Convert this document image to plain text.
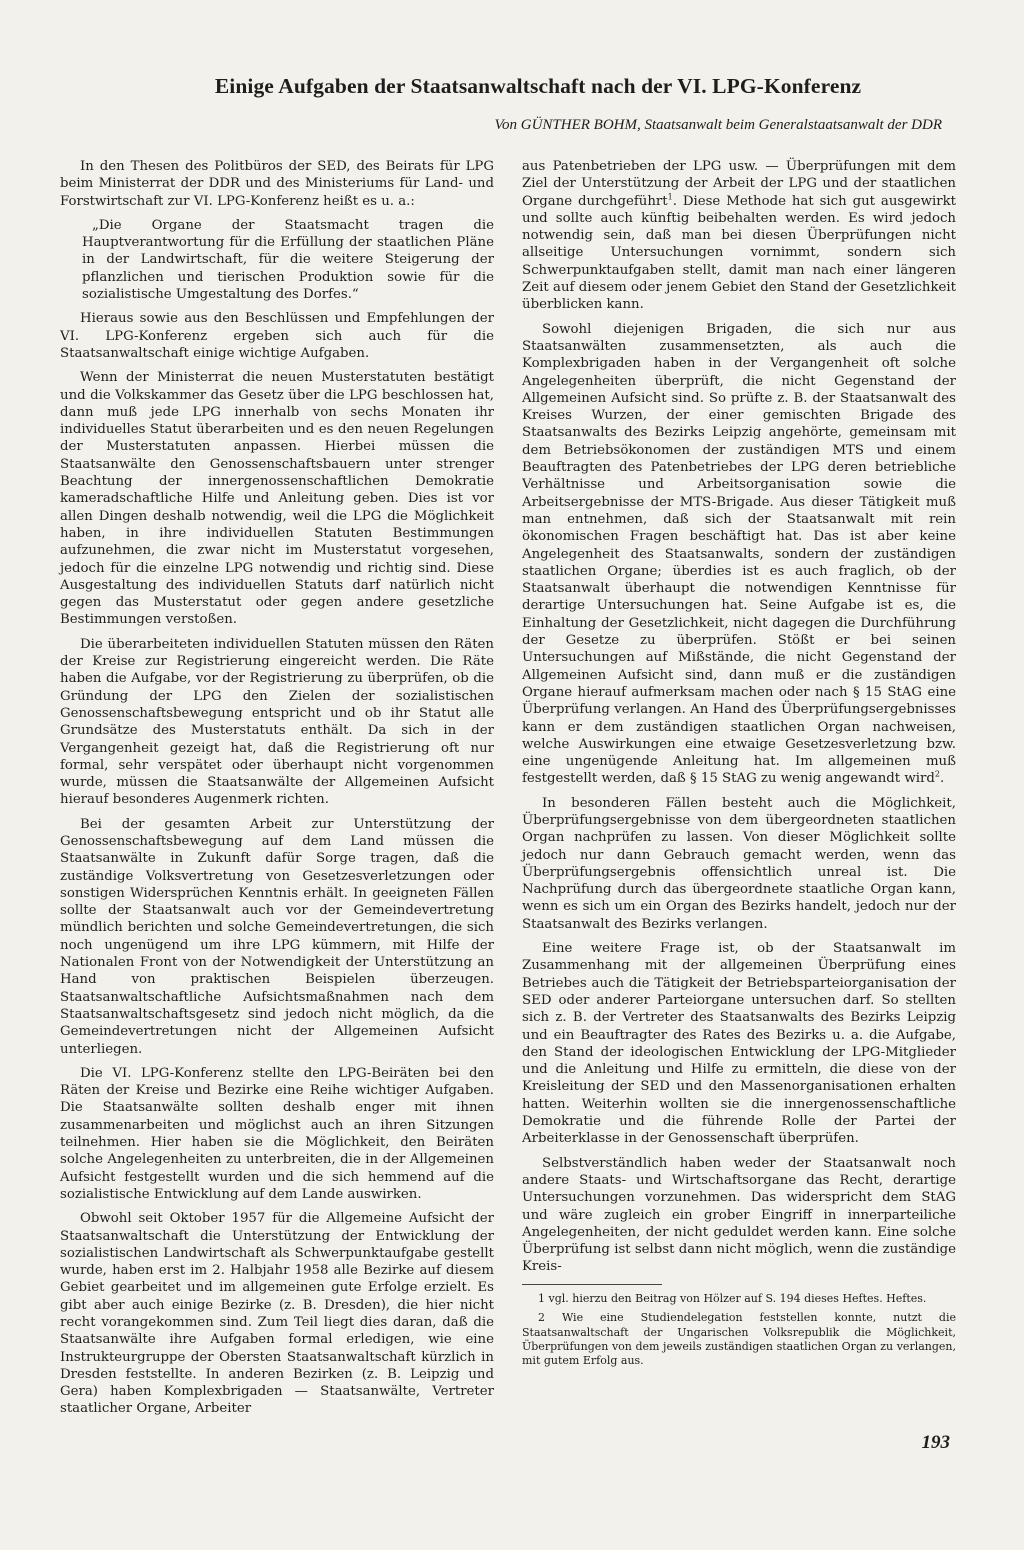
Einige Aufgaben der Staatsanwaltschaft nach der VI. LPG-Konferenz
Von GÜNTHER BOHM, Staatsanwalt beim Generalstaatsanwalt der DDR

In den Thesen des Politbüros der SED, des Beirats für LPG beim Ministerrat der DDR und des Ministeriums für Land- und Forstwirtschaft zur VI. LPG-Konferenz heißt es u. a.:

„Die Organe der Staatsmacht tragen die Hauptverantwortung für die Erfüllung der staatlichen Pläne in der Landwirtschaft, für die weitere Steigerung der pflanzlichen und tierischen Produktion sowie für die sozialistische Umgestaltung des Dorfes.“

Hieraus sowie aus den Beschlüssen und Empfehlungen der VI. LPG-Konferenz ergeben sich auch für die Staatsanwaltschaft einige wichtige Aufgaben.

Wenn der Ministerrat die neuen Musterstatuten bestätigt und die Volkskammer das Gesetz über die LPG beschlossen hat, dann muß jede LPG innerhalb von sechs Monaten ihr individuelles Statut überarbeiten und es den neuen Regelungen der Musterstatuten anpassen. Hierbei müssen die Staatsanwälte den Genossenschaftsbauern unter strenger Beachtung der innergenossenschaftlichen Demokratie kameradschaftliche Hilfe und Anleitung geben. Dies ist vor allen Dingen deshalb notwendig, weil die LPG die Möglichkeit haben, in ihre individuellen Statuten Bestimmungen aufzunehmen, die zwar nicht im Musterstatut vorgesehen, jedoch für die einzelne LPG notwendig und richtig sind. Diese Ausgestaltung des individuellen Statuts darf natürlich nicht gegen das Musterstatut oder gegen andere gesetzliche Bestimmungen verstoßen.

Die überarbeiteten individuellen Statuten müssen den Räten der Kreise zur Registrierung eingereicht werden. Die Räte haben die Aufgabe, vor der Registrierung zu überprüfen, ob die Gründung der LPG den Zielen der sozialistischen Genossenschaftsbewegung entspricht und ob ihr Statut alle Grundsätze des Musterstatuts enthält. Da sich in der Vergangenheit gezeigt hat, daß die Registrierung oft nur formal, sehr verspätet oder überhaupt nicht vorgenommen wurde, müssen die Staatsanwälte der Allgemeinen Aufsicht hierauf besonderes Augenmerk richten.

Bei der gesamten Arbeit zur Unterstützung der Genossenschaftsbewegung auf dem Land müssen die Staatsanwälte in Zukunft dafür Sorge tragen, daß die zuständige Volksvertretung von Gesetzesverletzungen oder sonstigen Widersprüchen Kenntnis erhält. In geeigneten Fällen sollte der Staatsanwalt auch vor der Gemeindevertretung mündlich berichten und solche Gemeindevertretungen, die sich noch ungenügend um ihre LPG kümmern, mit Hilfe der Nationalen Front von der Notwendigkeit der Unterstützung an Hand von praktischen Beispielen überzeugen. Staatsanwaltschaftliche Aufsichtsmaßnahmen nach dem Staatsanwaltschaftsgesetz sind jedoch nicht möglich, da die Gemeindevertretungen nicht der Allgemeinen Aufsicht unterliegen.

Die VI. LPG-Konferenz stellte den LPG-Beiräten bei den Räten der Kreise und Bezirke eine Reihe wichtiger Aufgaben. Die Staatsanwälte sollten deshalb enger mit ihnen zusammenarbeiten und möglichst auch an ihren Sitzungen teilnehmen. Hier haben sie die Möglichkeit, den Beiräten solche Angelegenheiten zu unterbreiten, die in der Allgemeinen Aufsicht festgestellt wurden und die sich hemmend auf die sozialistische Entwicklung auf dem Lande auswirken.

Obwohl seit Oktober 1957 für die Allgemeine Aufsicht der Staatsanwaltschaft die Unterstützung der Entwicklung der sozialistischen Landwirtschaft als Schwerpunktaufgabe gestellt wurde, haben erst im 2. Halbjahr 1958 alle Bezirke auf diesem Gebiet gearbeitet und im allgemeinen gute Erfolge erzielt. Es gibt aber auch einige Bezirke (z. B. Dresden), die hier nicht recht vorangekommen sind. Zum Teil liegt dies daran, daß die Staatsanwälte ihre Aufgaben formal erledigen, wie eine Instrukteurgruppe der Obersten Staatsanwaltschaft kürzlich in Dresden feststellte. In anderen Bezirken (z. B. Leipzig und Gera) haben Komplexbrigaden — Staatsanwälte, Vertreter staatlicher Organe, Arbeiter

aus Patenbetrieben der LPG usw. — Überprüfungen mit dem Ziel der Unterstützung der Arbeit der LPG und der staatlichen Organe durchgeführt$^1$. Diese Methode hat sich gut ausgewirkt und sollte auch künftig beibehalten werden. Es wird jedoch notwendig sein, daß man bei diesen Überprüfungen nicht allseitige Untersuchungen vornimmt, sondern sich Schwerpunktaufgaben stellt, damit man nach einer längeren Zeit auf diesem oder jenem Gebiet den Stand der Gesetzlichkeit überblicken kann.

Sowohl diejenigen Brigaden, die sich nur aus Staatsanwälten zusammensetzten, als auch die Komplexbrigaden haben in der Vergangenheit oft solche Angelegenheiten überprüft, die nicht Gegenstand der Allgemeinen Aufsicht sind. So prüfte z. B. der Staatsanwalt des Kreises Wurzen, der einer gemischten Brigade des Staatsanwalts des Bezirks Leipzig angehörte, gemeinsam mit dem Betriebsökonomen der zuständigen MTS und einem Beauftragten des Patenbetriebes der LPG deren betriebliche Verhältnisse und Arbeitsorganisation sowie die Arbeitsergebnisse der MTS-Brigade. Aus dieser Tätigkeit muß man entnehmen, daß sich der Staatsanwalt mit rein ökonomischen Fragen beschäftigt hat. Das ist aber keine Angelegenheit des Staatsanwalts, sondern der zuständigen staatlichen Organe; überdies ist es auch fraglich, ob der Staatsanwalt überhaupt die notwendigen Kenntnisse für derartige Untersuchungen hat. Seine Aufgabe ist es, die Einhaltung der Gesetzlichkeit, nicht dagegen die Durchführung der Gesetze zu überprüfen. Stößt er bei seinen Untersuchungen auf Mißstände, die nicht Gegenstand der Allgemeinen Aufsicht sind, dann muß er die zuständigen Organe hierauf aufmerksam machen oder nach § 15 StAG eine Überprüfung verlangen. An Hand des Überprüfungsergebnisses kann er dem zuständigen staatlichen Organ nachweisen, welche Auswirkungen eine etwaige Gesetzesverletzung bzw. eine ungenügende Anleitung hat. Im allgemeinen muß festgestellt werden, daß § 15 StAG zu wenig angewandt wird$^2$.

In besonderen Fällen besteht auch die Möglichkeit, Überprüfungsergebnisse von dem übergeordneten staatlichen Organ nachprüfen zu lassen. Von dieser Möglichkeit sollte jedoch nur dann Gebrauch gemacht werden, wenn das Überprüfungsergebnis offensichtlich unreal ist. Die Nachprüfung durch das übergeordnete staatliche Organ kann, wenn es sich um ein Organ des Bezirks handelt, jedoch nur der Staatsanwalt des Bezirks verlangen.

Eine weitere Frage ist, ob der Staatsanwalt im Zusammenhang mit der allgemeinen Überprüfung eines Betriebes auch die Tätigkeit der Betriebsparteiorganisation der SED oder anderer Parteiorgane untersuchen darf. So stellten sich z. B. der Vertreter des Staatsanwalts des Bezirks Leipzig und ein Beauftragter des Rates des Bezirks u. a. die Aufgabe, den Stand der ideologischen Entwicklung der LPG-Mitglieder und die Anleitung und Hilfe zu ermitteln, die diese von der Kreisleitung der SED und den Massenorganisationen erhalten hatten. Weiterhin wollten sie die innergenossenschaftliche Demokratie und die führende Rolle der Partei der Arbeiterklasse in der Genossenschaft überprüfen.

Selbstverständlich haben weder der Staatsanwalt noch andere Staats- und Wirtschaftsorgane das Recht, derartige Untersuchungen vorzunehmen. Das widerspricht dem StAG und wäre zugleich ein grober Eingriff in innerparteiliche Angelegenheiten, der nicht geduldet werden kann. Eine solche Überprüfung ist selbst dann nicht möglich, wenn die zuständige Kreis-

1 vgl. hierzu den Beitrag von Hölzer auf S. 194 dieses Heftes. Heftes.
2 Wie eine Studiendelegation feststellen konnte, nutzt die Staatsanwaltschaft der Ungarischen Volksrepublik die Möglichkeit, Überprüfungen von dem jeweils zuständigen staatlichen Organ zu verlangen, mit gutem Erfolg aus.
193
